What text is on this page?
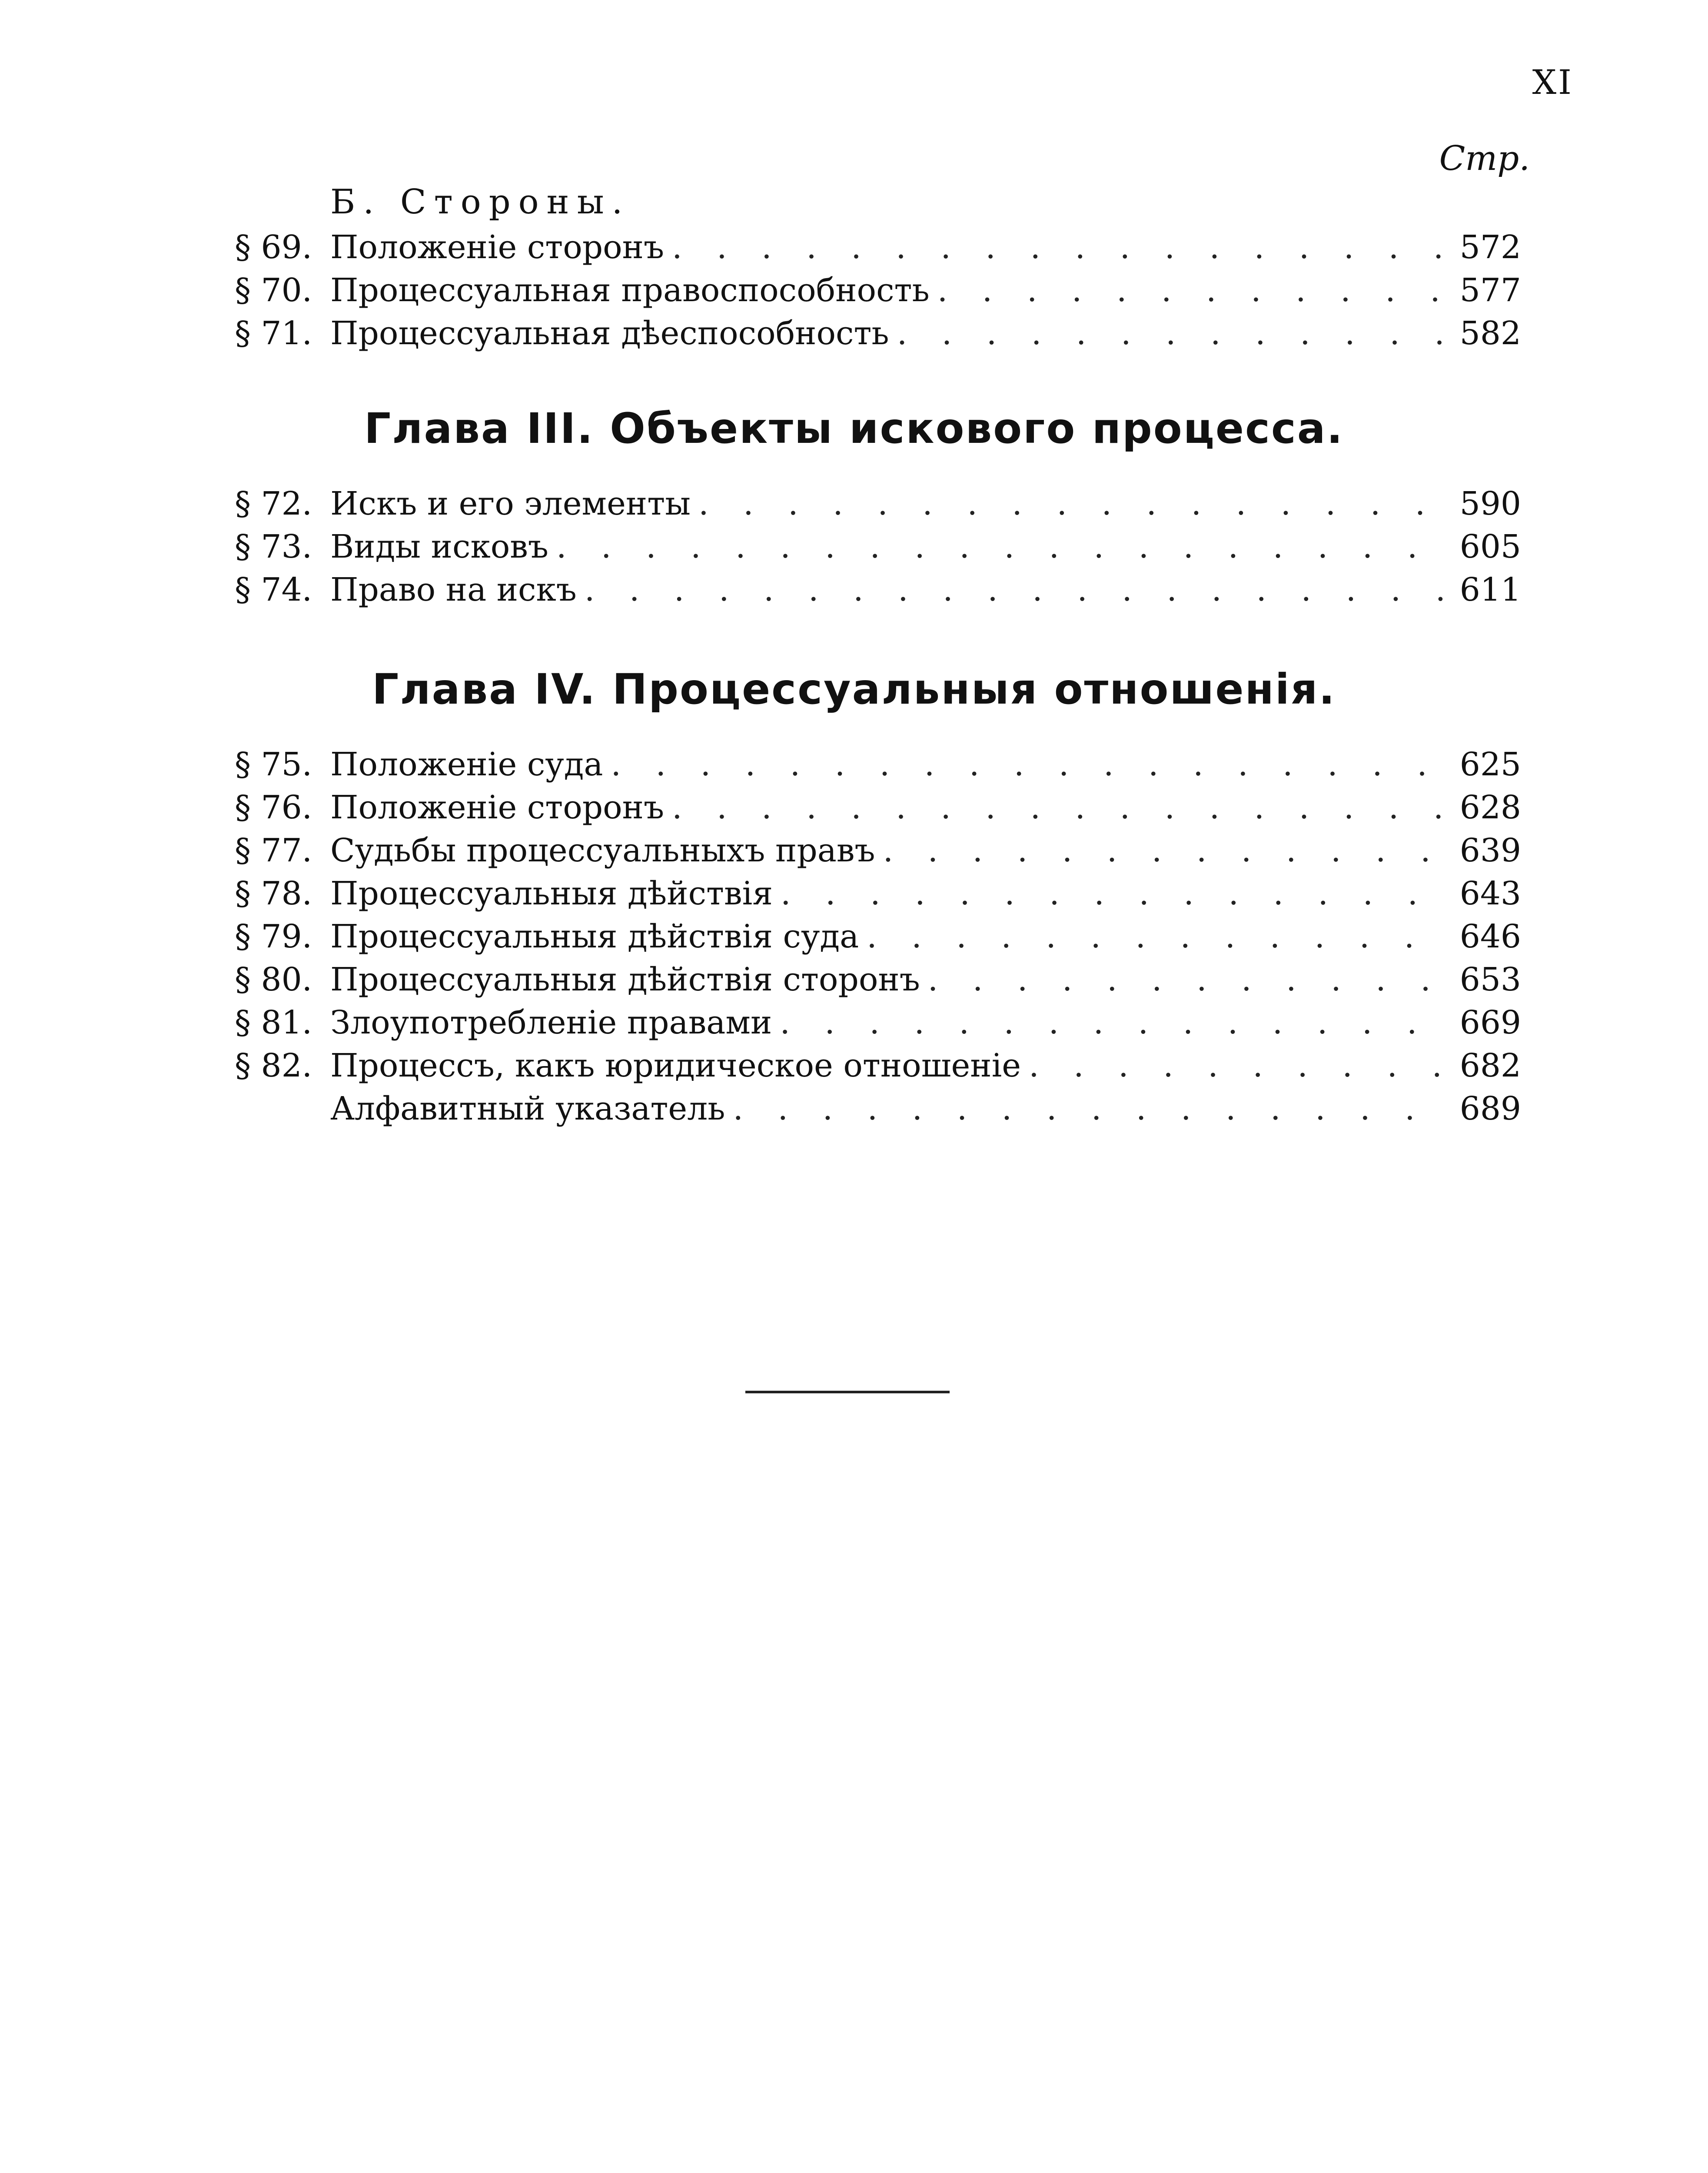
XI
Стр.
Б. Стороны.
§ 69. Положеніе сторонъ . . .	572
§ 70. Процессуальная правоспособность . . .	577
§ 71. Процессуальная дѣеспособность . . .	582
Глава III. Объекты искового процесса.
§ 72. Искъ и его элементы . . .	590
§ 73. Виды исковъ . . .	605
§ 74. Право на искъ . . .	611
Глава IV. Процессуальныя отношенія.
§ 75. Положеніе суда . . .	625
§ 76. Положеніе сторонъ . . .	628
§ 77. Судьбы процессуальныхъ правъ . . .	639
§ 78. Процессуальныя дѣйствія . . .	643
§ 79. Процессуальныя дѣйствія суда . . .	646
§ 80. Процессуальныя дѣйствія сторонъ . . .	653
§ 81. Злоупотребленіе правами . . .	669
§ 82. Процессъ, какъ юридическое отношеніе . . .	682
Алфавитный указатель . . .	689
